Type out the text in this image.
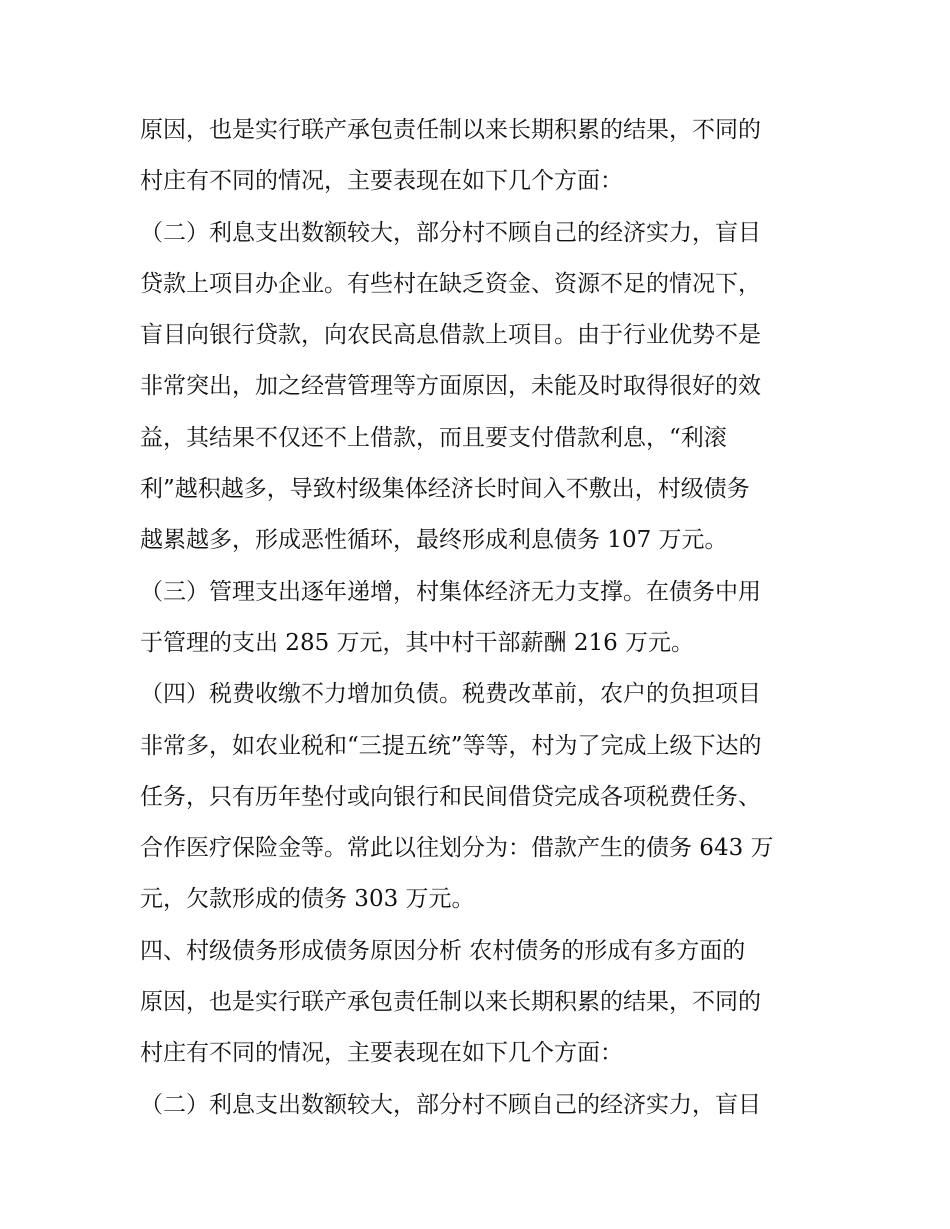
原因，也是实行联产承包责任制以来长期积累的结果，不同的
村庄有不同的情况，主要表现在如下几个方面：
（二）利息支出数额较大，部分村不顾自己的经济实力，盲目
贷款上项目办企业。有些村在缺乏资金、资源不足的情况下，
盲目向银行贷款，向农民高息借款上项目。由于行业优势不是
非常突出，加之经营管理等方面原因，未能及时取得很好的效
益，其结果不仅还不上借款，而且要支付借款利息，“利滚
利”越积越多，导致村级集体经济长时间入不敷出，村级债务
越累越多，形成恶性循环，最终形成利息债务 107 万元。
（三）管理支出逐年递增，村集体经济无力支撑。在债务中用
于管理的支出 285 万元，其中村干部薪酬 216 万元。
（四）税费收缴不力增加负债。税费改革前，农户的负担项目
非常多，如农业税和“三提五统”等等，村为了完成上级下达的
任务，只有历年垫付或向银行和民间借贷完成各项税费任务、
合作医疗保险金等。常此以往划分为：借款产生的债务 643 万
元，欠款形成的债务 303 万元。
四、村级债务形成债务原因分析 农村债务的形成有多方面的
原因，也是实行联产承包责任制以来长期积累的结果，不同的
村庄有不同的情况，主要表现在如下几个方面：
（二）利息支出数额较大，部分村不顾自己的经济实力，盲目
